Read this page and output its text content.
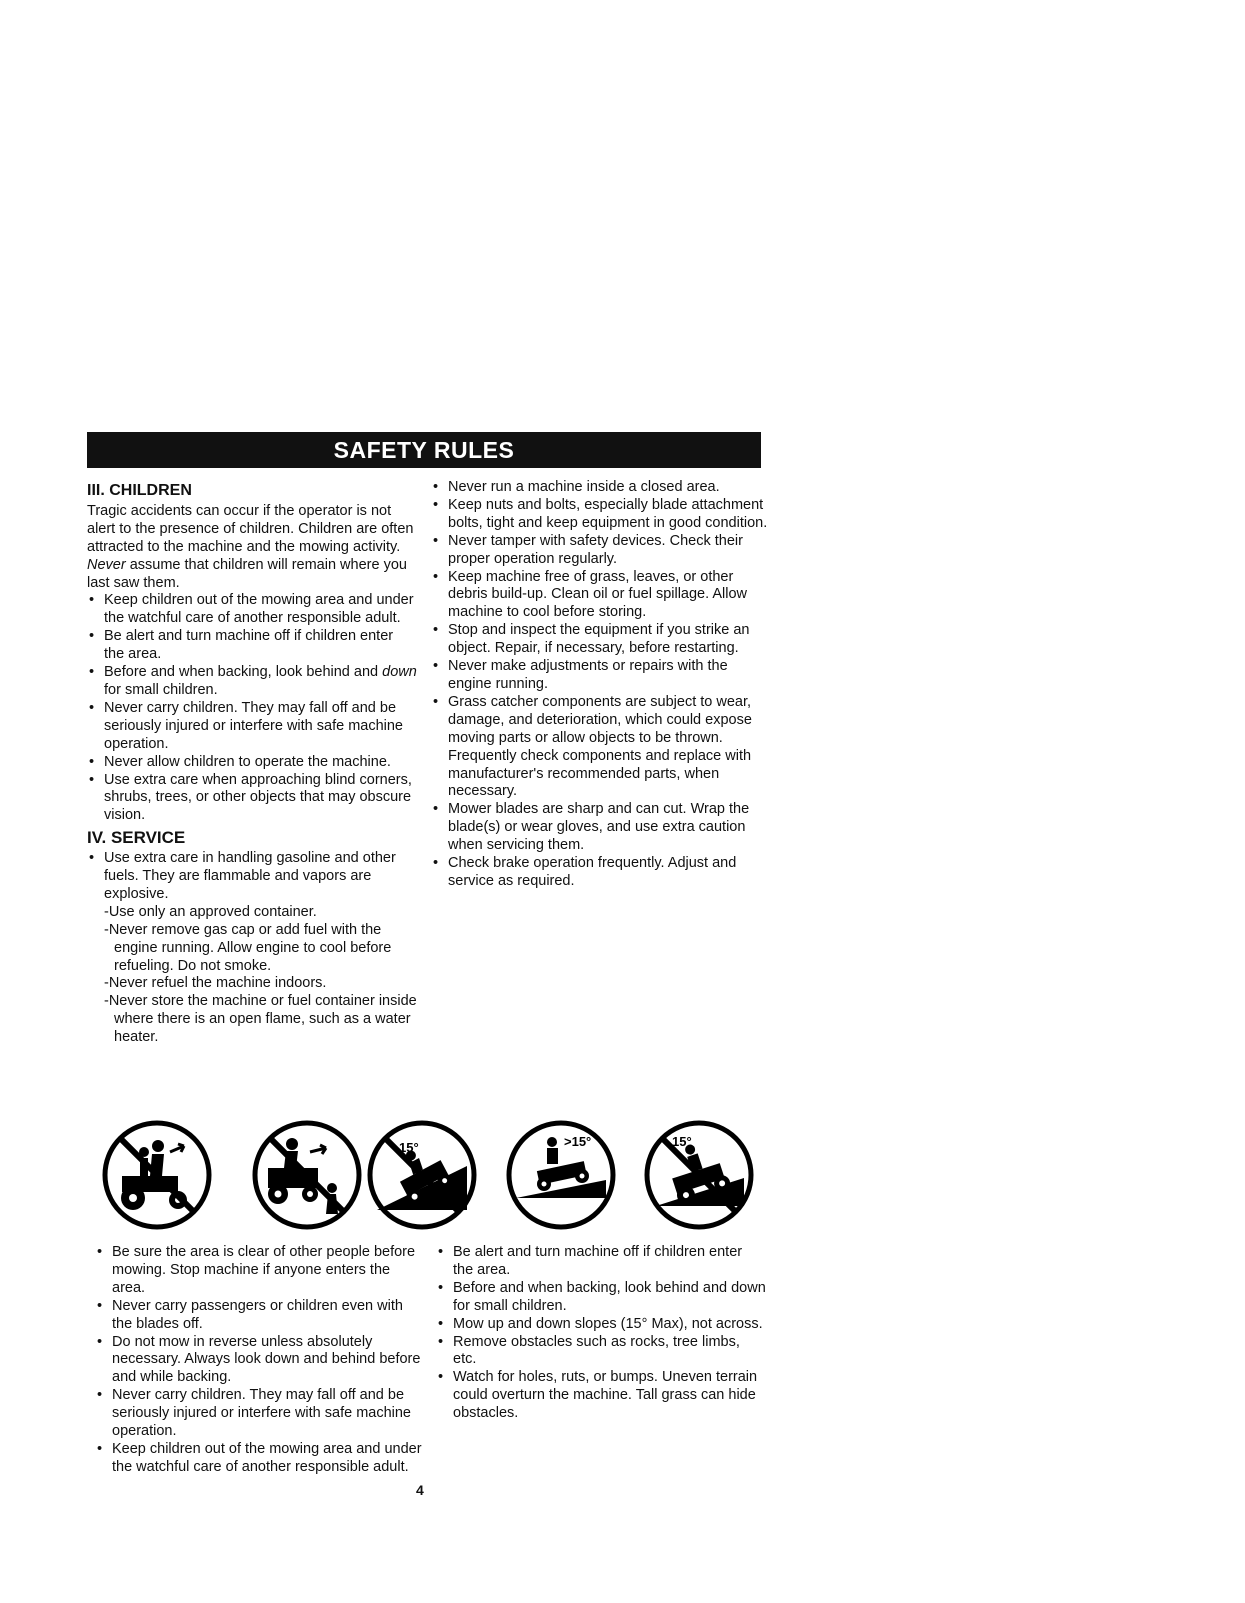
SAFETY RULES
III. CHILDREN

Tragic accidents can occur if the operator is not alert to the presence of children. Children are often attracted to the machine and the mowing activity. Never assume that children will remain where you last saw them.

• Keep children out of the mowing area and under the watchful care of another responsible adult.
• Be alert and turn machine off if children enter the area.
• Before and when backing, look behind and down for small children.
• Never carry children. They may fall off and be seriously injured or interfere with safe machine operation.
• Never allow children to operate the machine.
• Use extra care when approaching blind corners, shrubs, trees, or other objects that may obscure vision.
IV. SERVICE
• Use extra care in handling gasoline and other fuels. They are flammable and vapors are explosive.
-Use only an approved container.
-Never remove gas cap or add fuel with the engine running. Allow engine to cool before refueling. Do not smoke.
-Never refuel the machine indoors.
-Never store the machine or fuel container inside where there is an open flame, such as a water heater.
• Never run a machine inside a closed area.
• Keep nuts and bolts, especially blade attachment bolts, tight and keep equipment in good condition.
• Never tamper with safety devices. Check their proper operation regularly.
• Keep machine free of grass, leaves, or other debris build-up. Clean oil or fuel spillage. Allow machine to cool before storing.
• Stop and inspect the equipment if you strike an object. Repair, if necessary, before restarting.
• Never make adjustments or repairs with the engine running.
• Grass catcher components are subject to wear, damage, and deterioration, which could expose moving parts or allow objects to be thrown. Frequently check components and replace with manufacturer's recommended parts, when necessary.
• Mower blades are sharp and can cut. Wrap the blade(s) or wear gloves, and use extra caution when servicing them.
• Check brake operation frequently. Adjust and service as required.
15°	>15°	15°
• Be sure the area is clear of other people before mowing. Stop machine if anyone enters the area.
• Never carry passengers or children even with the blades off.
• Do not mow in reverse unless absolutely necessary. Always look down and behind before and while backing.
• Never carry children. They may fall off and be seriously injured or interfere with safe machine operation.
• Keep children out of the mowing area and under the watchful care of another responsible adult.
• Be alert and turn machine off if children enter the area.
• Before and when backing, look behind and down for small children.
• Mow up and down slopes (15° Max), not across.
• Remove obstacles such as rocks, tree limbs, etc.
• Watch for holes, ruts, or bumps. Uneven terrain could overturn the machine. Tall grass can hide obstacles.
4
